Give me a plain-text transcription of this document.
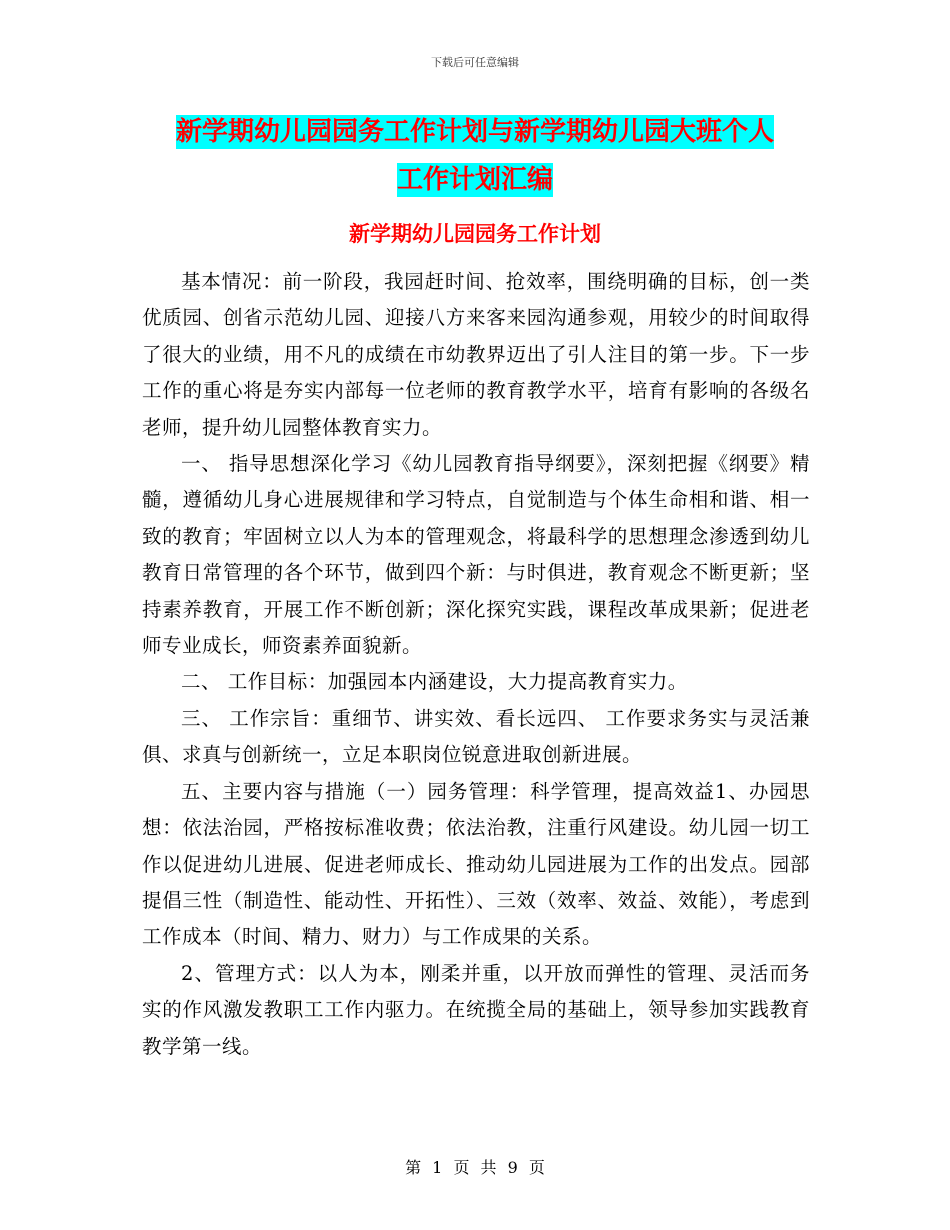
下载后可任意编辑
新学期幼儿园园务工作计划与新学期幼儿园大班个人
工作计划汇编
新学期幼儿园园务工作计划

基本情况：前一阶段，我园赶时间、抢效率，围绕明确的目标，创一类优质园、创省示范幼儿园、迎接八方来客来园沟通参观，用较少的时间取得了很大的业绩，用不凡的成绩在市幼教界迈出了引人注目的第一步。下一步工作的重心将是夯实内部每一位老师的教育教学水平，培育有影响的各级名老师，提升幼儿园整体教育实力。

一、 指导思想深化学习《幼儿园教育指导纲要》，深刻把握《纲要》精髓，遵循幼儿身心进展规律和学习特点，自觉制造与个体生命相和谐、相一致的教育；牢固树立以人为本的管理观念，将最科学的思想理念渗透到幼儿教育日常管理的各个环节，做到四个新：与时俱进，教育观念不断更新；坚持素养教育，开展工作不断创新；深化探究实践，课程改革成果新；促进老师专业成长，师资素养面貌新。

二、 工作目标：加强园本内涵建设，大力提高教育实力。

三、 工作宗旨：重细节、讲实效、看长远四、 工作要求务实与灵活兼俱、求真与创新统一，立足本职岗位锐意进取创新进展。

五、主要内容与措施（一）园务管理：科学管理，提高效益1、办园思想：依法治园，严格按标准收费；依法治教，注重行风建设。幼儿园一切工作以促进幼儿进展、促进老师成长、推动幼儿园进展为工作的出发点。园部提倡三性（制造性、能动性、开拓性）、三效（效率、效益、效能），考虑到工作成本（时间、精力、财力）与工作成果的关系。

2、管理方式：以人为本，刚柔并重，以开放而弹性的管理、灵活而务实的作风激发教职工工作内驱力。在统揽全局的基础上，领导参加实践教育教学第一线。

第 1 页 共 9 页
